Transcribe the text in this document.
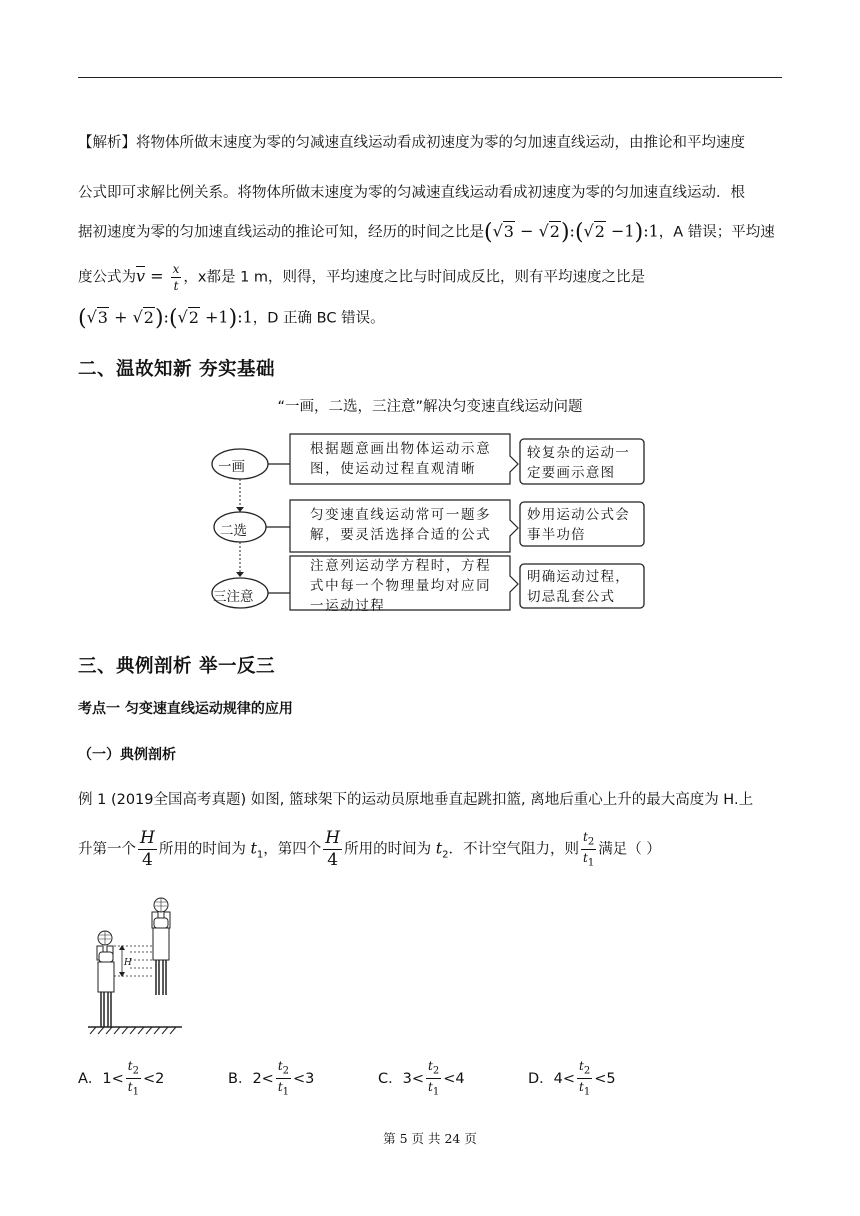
【解析】将物体所做末速度为零的匀减速直线运动看成初速度为零的匀加速直线运动，由推论和平均速度
公式即可求解比例关系。将物体所做末速度为零的匀减速直线运动看成初速度为零的匀加速直线运动．根
据初速度为零的匀加速直线运动的推论可知，经历的时间之比是(√3 − √2):(√2 −1):1，A 错误；平均速
度公式为$\overline{v} = \frac{x}{t}$ ，x都是 1 m，则得，平均速度之比与时间成反比，则有平均速度之比是
(√3 + √2):(√2 +1):1，D 正确 BC 错误。
二、温故知新 夯实基础
“一画，二选，三注意”解决匀变速直线运动问题
一画
二选
三注意
根据题意画出物体运动示意
图，使运动过程直观清晰
匀变速直线运动常可一题多
解，要灵活选择合适的公式
注意列运动学方程时，方程
式中每一个物理量均对应同
一运动过程
较复杂的运动一
定要画示意图
妙用运动公式会
事半功倍
明确运动过程，
切忌乱套公式
三、典例剖析 举一反三
考点一 匀变速直线运动规律的应用
（一）典例剖析
例 1 (2019全国高考真题) 如图, 篮球架下的运动员原地垂直起跳扣篮, 离地后重心上升的最大高度为 H.上
升第一个 $\frac{H}{4}$ 所用的时间为 $t_1$，第四个 $\frac{H}{4}$ 所用的时间为 $t_2$．不计空气阻力，则 $\frac{t_2}{t_1}$ 满足（ ）
H
A．$1< \frac{t_2}{t_1} <2$	B．$2< \frac{t_2}{t_1} <3$	C．$3< \frac{t_2}{t_1} <4$	D．$4< \frac{t_2}{t_1} <5$
第 5 页 共 24 页
